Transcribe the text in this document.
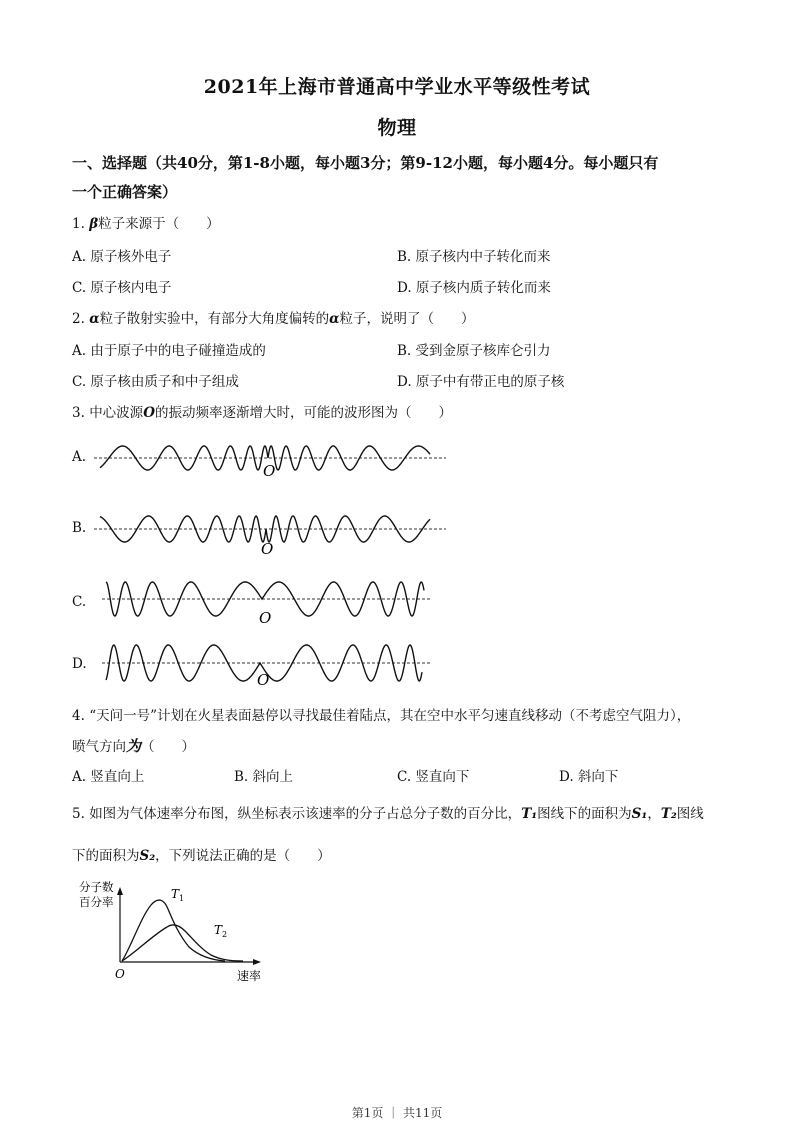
2021年上海市普通高中学业水平等级性考试
物理
一、选择题（共40分，第1-8小题，每小题3分；第9-12小题，每小题4分。每小题只有
一个正确答案）
1. β粒子来源于（　　）
A. 原子核外电子	B. 原子核内中子转化而来
C. 原子核内电子	D. 原子核内质子转化而来
2. α粒子散射实验中，有部分大角度偏转的α粒子，说明了（　　）
A. 由于原子中的电子碰撞造成的	B. 受到金原子核库仑引力
C. 原子核由质子和中子组成	D. 原子中有带正电的原子核
3. 中心波源O的振动频率逐渐增大时，可能的波形图为（　　）
A.
O
B.
O
C.
O
D.
O
4. “天问一号”计划在火星表面悬停以寻找最佳着陆点，其在空中水平匀速直线移动（不考虑空气阻力），
喷气方向为（　　）
A. 竖直向上	B. 斜向上	C. 竖直向下	D. 斜向下
5. 如图为气体速率分布图，纵坐标表示该速率的分子占总分子数的百分比，T₁图线下的面积为S₁，T₂图线
下的面积为S₂，下列说法正确的是（　　）
分子数
百分率
O	速率
$T_1$
$T_2$
第1页 ｜ 共11页
